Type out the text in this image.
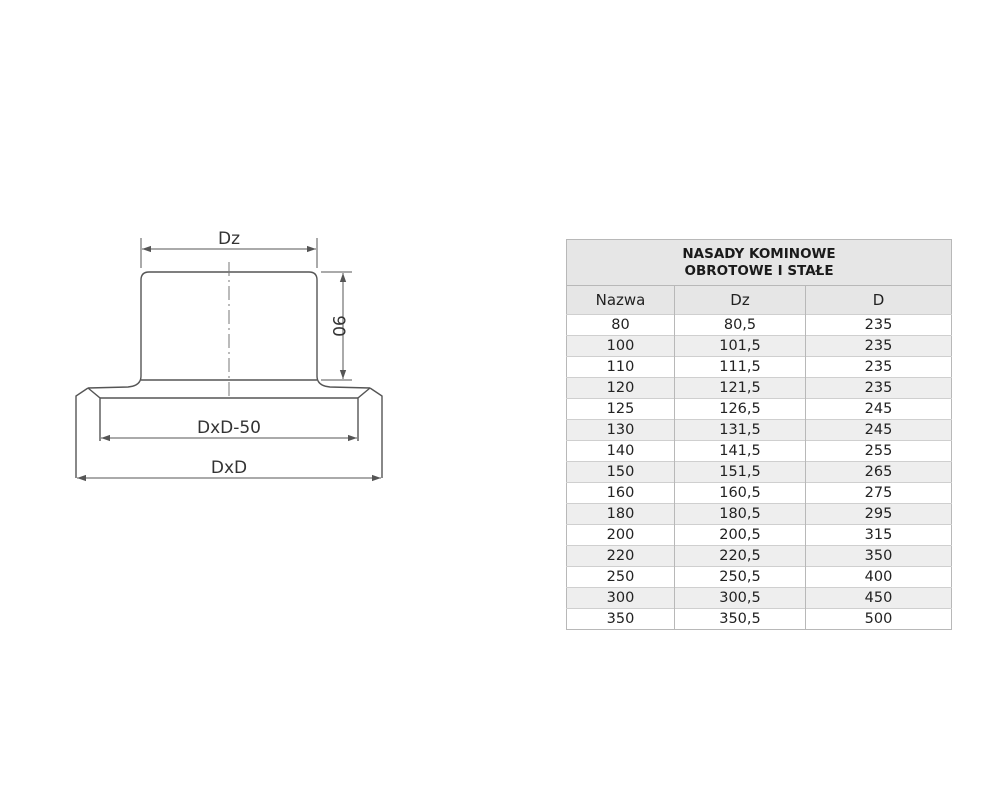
Dz
90
DxD-50
DxD
NASADY KOMINOWE
OBROTOWE I STAŁE		

Nazwa	Dz	D
80	80,5	235
100	101,5	235
110	111,5	235
120	121,5	235
125	126,5	245
130	131,5	245
140	141,5	255
150	151,5	265
160	160,5	275
180	180,5	295
200	200,5	315
220	220,5	350
250	250,5	400
300	300,5	450
350	350,5	500
